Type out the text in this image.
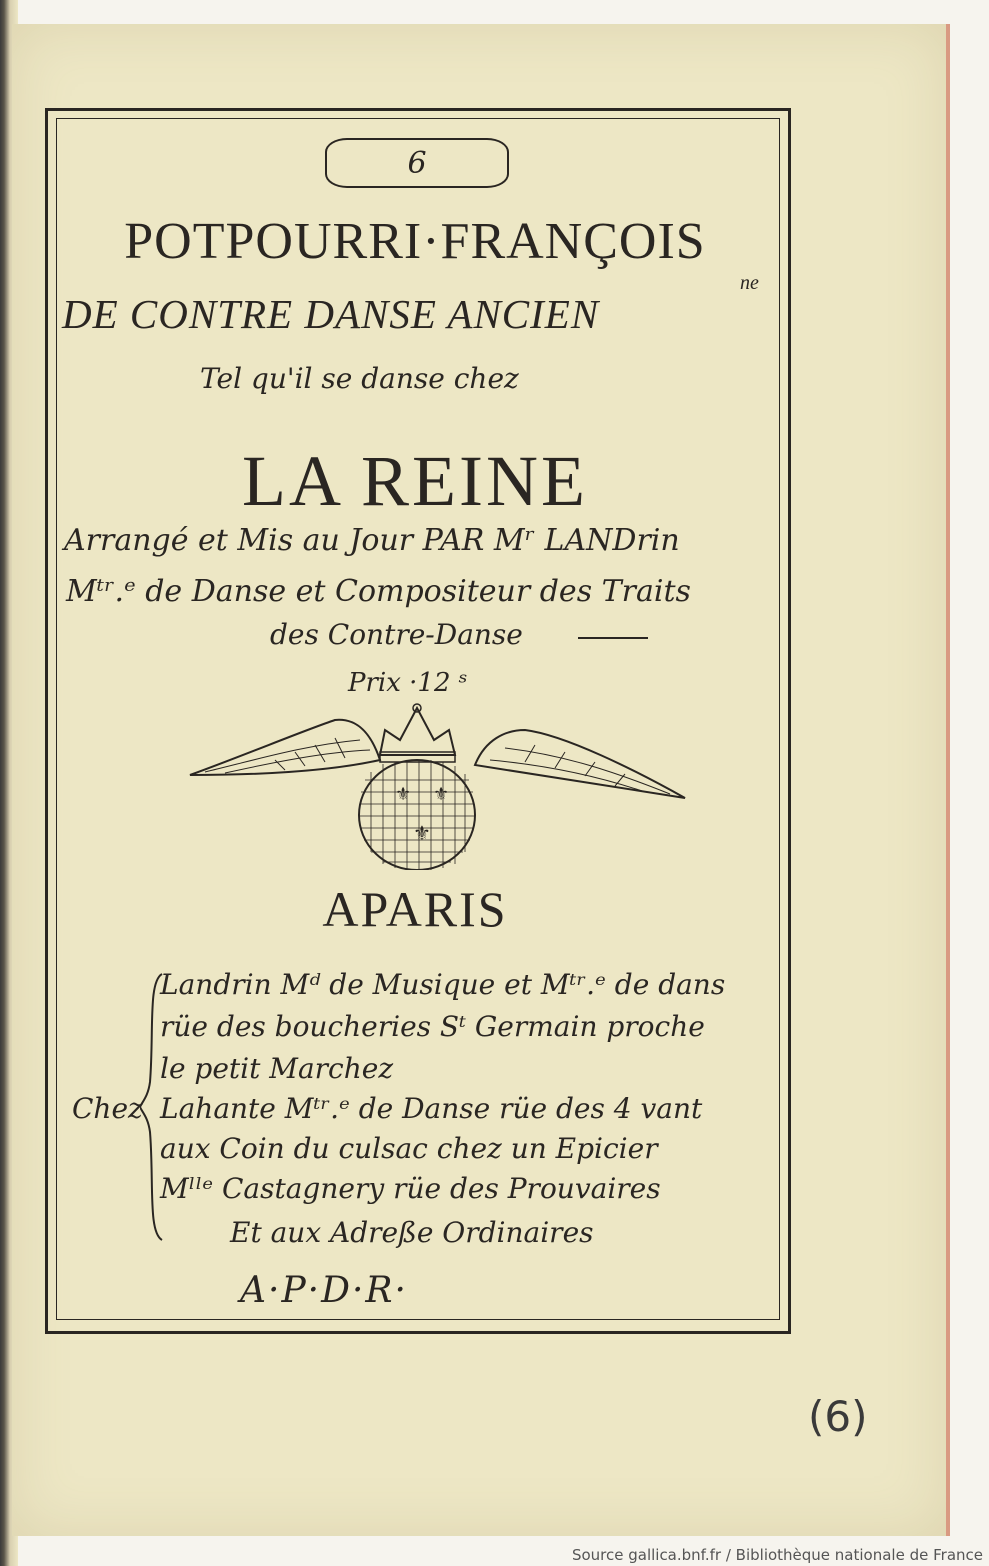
6
POTPOURRI·FRANÇOIS
DE CONTRE DANSE ANCIEN
ne
Tel qu'il se danse chez
LA REINE
Arrangé et Mis au Jour PAR Mʳ LANDrin
Mᵗʳ.ᵉ de Danse et Compositeur des Traits
des Contre-Danse
Prix ·12 ˢ
⚜ ⚜
⚜
APARIS
Chez
Landrin Mᵈ de Musique et Mᵗʳ.ᵉ de dans
rüe des boucheries Sᵗ Germain proche
le petit Marchez
Lahante Mᵗʳ.ᵉ de Danse rüe des 4 vant
aux Coin du culsac chez un Epicier
Mˡˡᵉ Castagnery rüe des Prouvaires
Et aux Adreße Ordinaires
A·P·D·R·
(6)
Source gallica.bnf.fr / Bibliothèque nationale de France
